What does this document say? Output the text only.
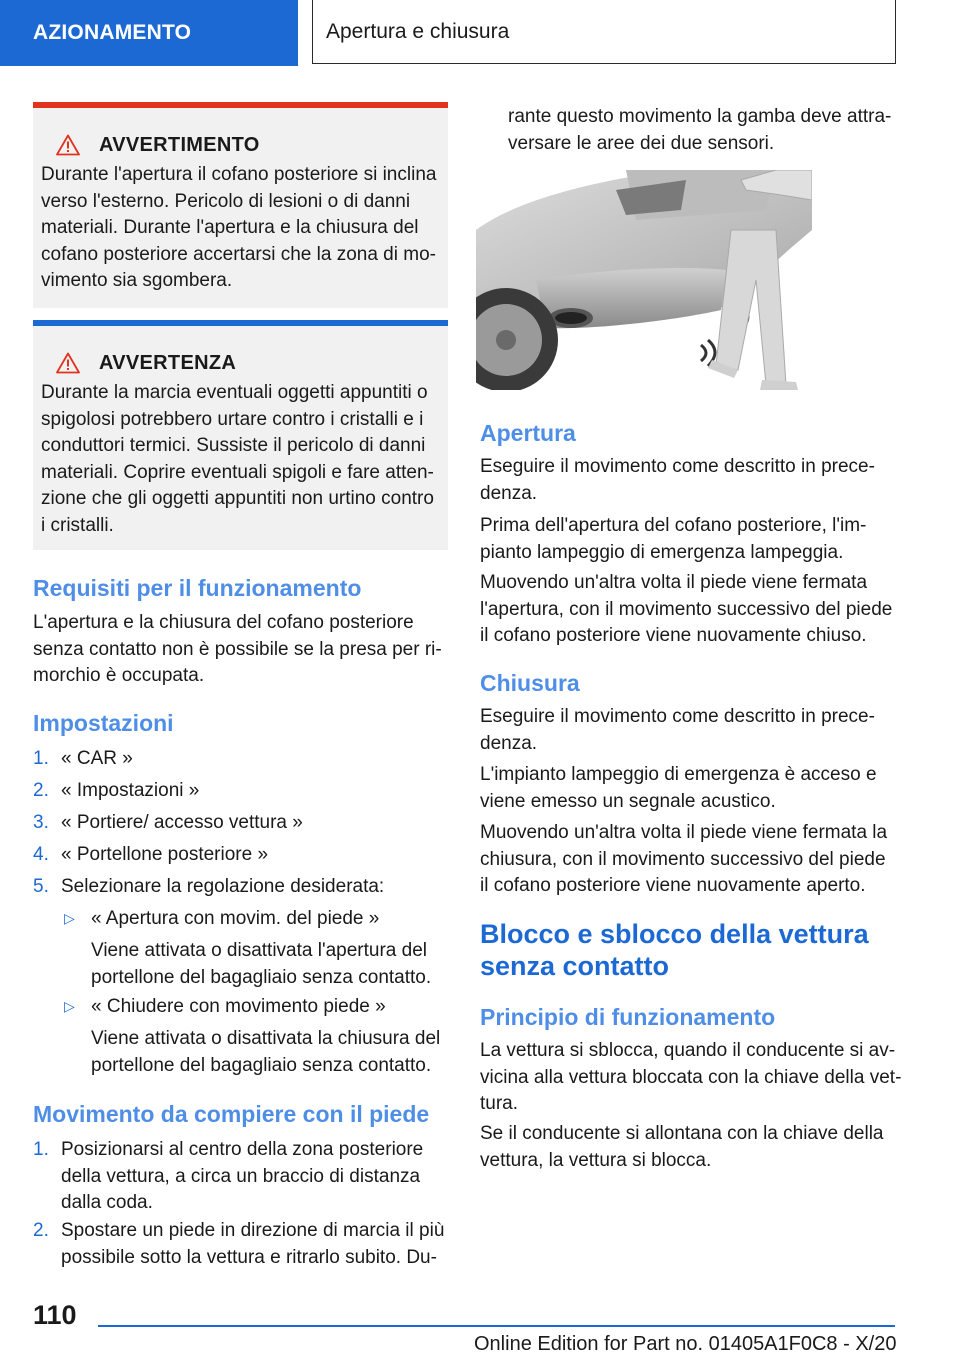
AZIONAMENTO	Apertura e chiusura
AVVERTIMENTO

Durante l'apertura il cofano posteriore si inclina
verso l'esterno. Pericolo di lesioni o di danni
materiali. Durante l'apertura e la chiusura del
cofano posteriore accertarsi che la zona di mo-
vimento sia sgombera.

AVVERTENZA

Durante la marcia eventuali oggetti appuntiti o
spigolosi potrebbero urtare contro i cristalli e i
conduttori termici. Sussiste il pericolo di danni
materiali. Coprire eventuali spigoli e fare atten-
zione che gli oggetti appuntiti non urtino contro
i cristalli.

Requisiti per il funzionamento
L'apertura e la chiusura del cofano posteriore
senza contatto non è possibile se la presa per ri-
morchio è occupata.
Impostazioni
1. « CAR »
2. « Impostazioni »
3. « Portiere/ accesso vettura »
4. « Portellone posteriore »
5. Selezionare la regolazione desiderata:
▷ « Apertura con movim. del piede »
Viene attivata o disattivata l'apertura del
portellone del bagagliaio senza contatto.
▷ « Chiudere con movimento piede »
Viene attivata o disattivata la chiusura del
portellone del bagagliaio senza contatto.
Movimento da compiere con il piede
1. Posizionarsi al centro della zona posteriore
della vettura, a circa un braccio di distanza
dalla coda.
2. Spostare un piede in direzione di marcia il più
possibile sotto la vettura e ritrarlo subito. Du-
rante questo movimento la gamba deve attra-
versare le aree dei due sensori.
Apertura
Eseguire il movimento come descritto in prece-
denza.
Prima dell'apertura del cofano posteriore, l'im-
pianto lampeggio di emergenza lampeggia.
Muovendo un'altra volta il piede viene fermata
l'apertura, con il movimento successivo del piede
il cofano posteriore viene nuovamente chiuso.
Chiusura
Eseguire il movimento come descritto in prece-
denza.
L'impianto lampeggio di emergenza è acceso e
viene emesso un segnale acustico.
Muovendo un'altra volta il piede viene fermata la
chiusura, con il movimento successivo del piede
il cofano posteriore viene nuovamente aperto.
Blocco e sblocco della vettura
senza contatto
Principio di funzionamento
La vettura si sblocca, quando il conducente si av-
vicina alla vettura bloccata con la chiave della vet-
tura.
Se il conducente si allontana con la chiave della
vettura, la vettura si blocca.
110
Online Edition for Part no. 01405A1F0C8 - X/20
